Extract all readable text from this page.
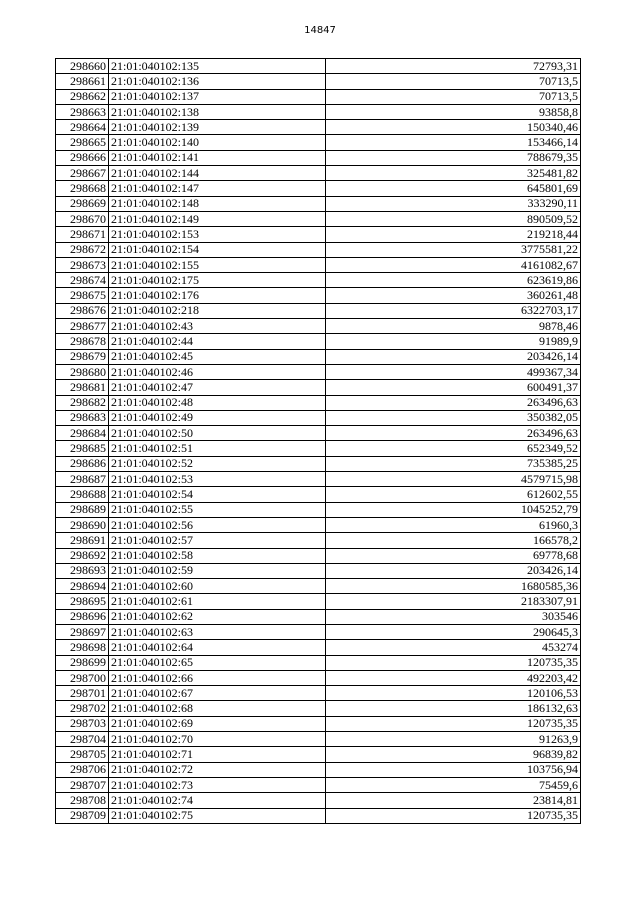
14847
298660	21:01:040102:135	72793,31
298661	21:01:040102:136	70713,5
298662	21:01:040102:137	70713,5
298663	21:01:040102:138	93858,8
298664	21:01:040102:139	150340,46
298665	21:01:040102:140	153466,14
298666	21:01:040102:141	788679,35
298667	21:01:040102:144	325481,82
298668	21:01:040102:147	645801,69
298669	21:01:040102:148	333290,11
298670	21:01:040102:149	890509,52
298671	21:01:040102:153	219218,44
298672	21:01:040102:154	3775581,22
298673	21:01:040102:155	4161082,67
298674	21:01:040102:175	623619,86
298675	21:01:040102:176	360261,48
298676	21:01:040102:218	6322703,17
298677	21:01:040102:43	9878,46
298678	21:01:040102:44	91989,9
298679	21:01:040102:45	203426,14
298680	21:01:040102:46	499367,34
298681	21:01:040102:47	600491,37
298682	21:01:040102:48	263496,63
298683	21:01:040102:49	350382,05
298684	21:01:040102:50	263496,63
298685	21:01:040102:51	652349,52
298686	21:01:040102:52	735385,25
298687	21:01:040102:53	4579715,98
298688	21:01:040102:54	612602,55
298689	21:01:040102:55	1045252,79
298690	21:01:040102:56	61960,3
298691	21:01:040102:57	166578,2
298692	21:01:040102:58	69778,68
298693	21:01:040102:59	203426,14
298694	21:01:040102:60	1680585,36
298695	21:01:040102:61	2183307,91
298696	21:01:040102:62	303546
298697	21:01:040102:63	290645,3
298698	21:01:040102:64	453274
298699	21:01:040102:65	120735,35
298700	21:01:040102:66	492203,42
298701	21:01:040102:67	120106,53
298702	21:01:040102:68	186132,63
298703	21:01:040102:69	120735,35
298704	21:01:040102:70	91263,9
298705	21:01:040102:71	96839,82
298706	21:01:040102:72	103756,94
298707	21:01:040102:73	75459,6
298708	21:01:040102:74	23814,81
298709	21:01:040102:75	120735,35
